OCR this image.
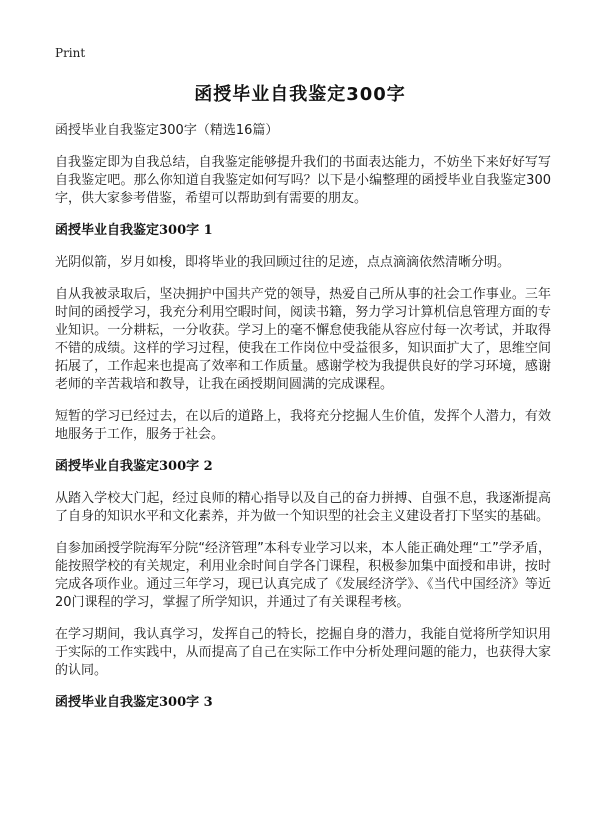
Print
函授毕业自我鉴定300字
函授毕业自我鉴定300字（精选16篇）

自我鉴定即为自我总结，自我鉴定能够提升我们的书面表达能力，不妨坐下来好好写写自我鉴定吧。那么你知道自我鉴定如何写吗？以下是小编整理的函授毕业自我鉴定300字，供大家参考借鉴，希望可以帮助到有需要的朋友。

函授毕业自我鉴定300字 1

光阴似箭，岁月如梭，即将毕业的我回顾过往的足迹，点点滴滴依然清晰分明。

自从我被录取后，坚决拥护中国共产党的领导，热爱自己所从事的社会工作事业。三年时间的函授学习，我充分利用空暇时间，阅读书籍，努力学习计算机信息管理方面的专业知识。一分耕耘，一分收获。学习上的毫不懈怠使我能从容应付每一次考试，并取得不错的成绩。这样的学习过程，使我在工作岗位中受益很多，知识面扩大了，思维空间拓展了，工作起来也提高了效率和工作质量。感谢学校为我提供良好的学习环境，感谢老师的辛苦栽培和教导，让我在函授期间圆满的完成课程。

短暂的学习已经过去，在以后的道路上，我将充分挖掘人生价值，发挥个人潜力，有效地服务于工作，服务于社会。

函授毕业自我鉴定300字 2

从踏入学校大门起，经过良师的精心指导以及自己的奋力拼搏、自强不息，我逐渐提高了自身的知识水平和文化素养，并为做一个知识型的社会主义建设者打下坚实的基础。

自参加函授学院海军分院“经济管理”本科专业学习以来，本人能正确处理“工”学矛盾，能按照学校的有关规定，利用业余时间自学各门课程，积极参加集中面授和串讲，按时完成各项作业。通过三年学习，现已认真完成了《发展经济学》、《当代中国经济》等近20门课程的学习，掌握了所学知识，并通过了有关课程考核。

在学习期间，我认真学习，发挥自己的特长，挖掘自身的潜力，我能自觉将所学知识用于实际的工作实践中，从而提高了自己在实际工作中分析处理问题的能力，也获得大家的认同。

函授毕业自我鉴定300字 3
